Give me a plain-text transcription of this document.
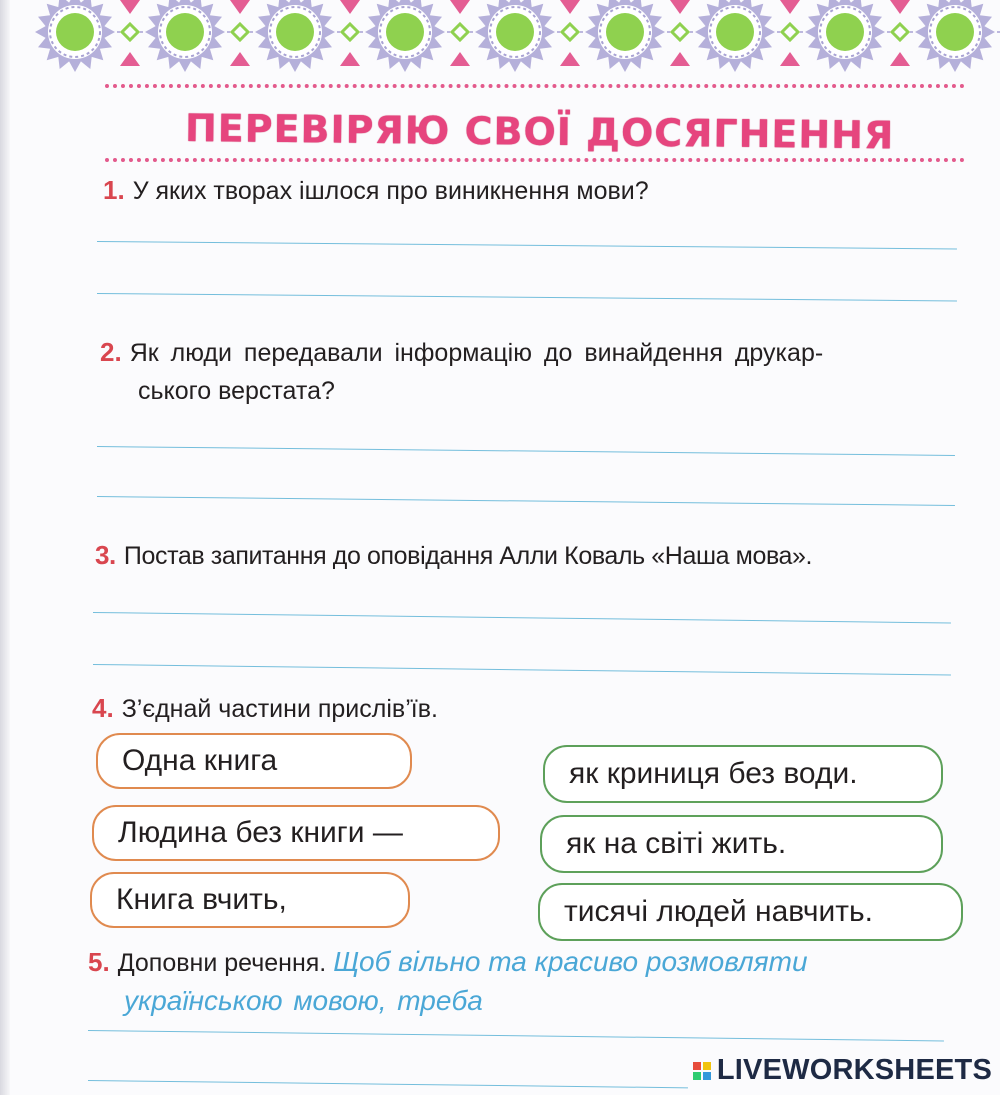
ПЕРЕВІРЯЮ СВОЇ ДОСЯГНЕННЯ
1. У яких творах ішлося про виникнення мови?
2. Як люди передавали інформацію до винайдення друкар-
ського верстата?
3. Постав запитання до оповідання Алли Коваль «Наша мова».
4. З’єднай частини прислів’їв.
Одна книга
Людина без книги —
Книга вчить,
як криниця без води.
як на світі жить.
тисячі людей навчить.
5. Доповни речення. Щоб вільно та красиво розмовляти
українською мовою, треба
LIVEWORKSHEETS
